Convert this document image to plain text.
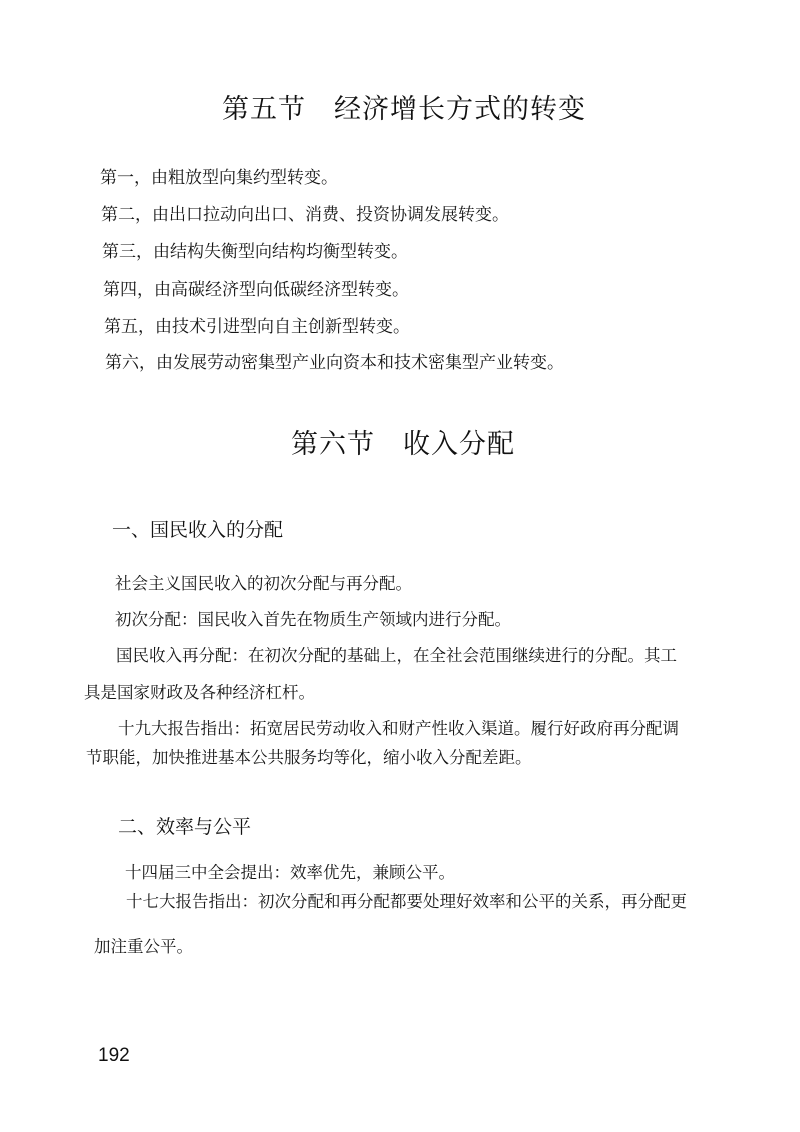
第五节　经济增长方式的转变
第一，由粗放型向集约型转变。
第二，由出口拉动向出口、消费、投资协调发展转变。
第三，由结构失衡型向结构均衡型转变。
第四，由高碳经济型向低碳经济型转变。
第五，由技术引进型向自主创新型转变。
第六，由发展劳动密集型产业向资本和技术密集型产业转变。
第六节　收入分配
一、国民收入的分配
社会主义国民收入的初次分配与再分配。
初次分配：国民收入首先在物质生产领域内进行分配。
国民收入再分配：在初次分配的基础上，在全社会范围继续进行的分配。其工
具是国家财政及各种经济杠杆。
十九大报告指出：拓宽居民劳动收入和财产性收入渠道。履行好政府再分配调
节职能，加快推进基本公共服务均等化，缩小收入分配差距。
二、效率与公平
十四届三中全会提出：效率优先，兼顾公平。
十七大报告指出：初次分配和再分配都要处理好效率和公平的关系，再分配更
加注重公平。
192
